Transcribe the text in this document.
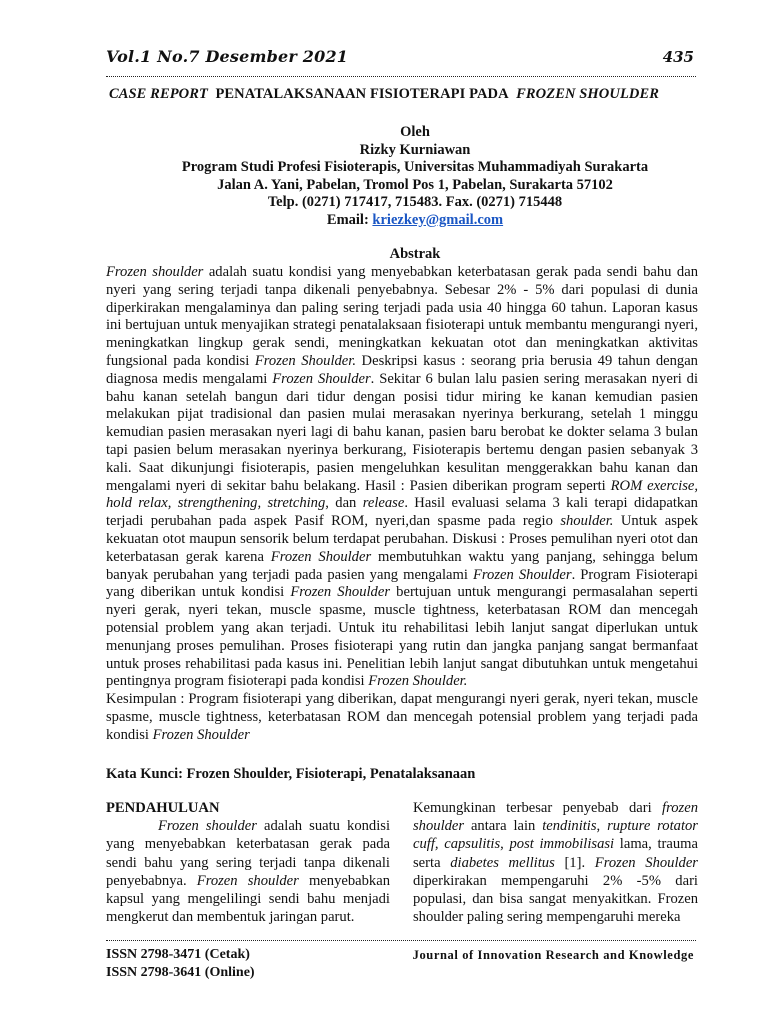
Vol.1 No.7 Desember 2021	435
CASE REPORT PENATALAKSANAAN FISIOTERAPI PADA FROZEN SHOULDER
Oleh
Rizky Kurniawan
Program Studi Profesi Fisioterapis, Universitas Muhammadiyah Surakarta
Jalan A. Yani, Pabelan, Tromol Pos 1, Pabelan, Surakarta 57102
Telp. (0271) 717417, 715483. Fax. (0271) 715448
Email: kriezkey@gmail.com
Abstrak

Frozen shoulder adalah suatu kondisi yang menyebabkan keterbatasan gerak pada sendi bahu dan nyeri yang sering terjadi tanpa dikenali penyebabnya. Sebesar 2% - 5% dari populasi di dunia diperkirakan mengalaminya dan paling sering terjadi pada usia 40 hingga 60 tahun. Laporan kasus ini bertujuan untuk menyajikan strategi penatalaksaan fisioterapi untuk membantu mengurangi nyeri, meningkatkan lingkup gerak sendi, meningkatkan kekuatan otot dan meningkatkan aktivitas fungsional pada kondisi Frozen Shoulder. Deskripsi kasus : seorang pria berusia 49 tahun dengan diagnosa medis mengalami Frozen Shoulder. Sekitar 6 bulan lalu pasien sering merasakan nyeri di bahu kanan setelah bangun dari tidur dengan posisi tidur miring ke kanan kemudian pasien melakukan pijat tradisional dan pasien mulai merasakan nyerinya berkurang, setelah 1 minggu kemudian pasien merasakan nyeri lagi di bahu kanan, pasien baru berobat ke dokter selama 3 bulan tapi pasien belum merasakan nyerinya berkurang, Fisioterapis bertemu dengan pasien sebanyak 3 kali. Saat dikunjungi fisioterapis, pasien mengeluhkan kesulitan menggerakkan bahu kanan dan mengalami nyeri di sekitar bahu belakang. Hasil : Pasien diberikan program seperti ROM exercise, hold relax, strengthening, stretching, dan release. Hasil evaluasi selama 3 kali terapi didapatkan terjadi perubahan pada aspek Pasif ROM, nyeri,dan spasme pada regio shoulder. Untuk aspek kekuatan otot maupun sensorik belum terdapat perubahan. Diskusi : Proses pemulihan nyeri otot dan keterbatasan gerak karena Frozen Shoulder membutuhkan waktu yang panjang, sehingga belum banyak perubahan yang terjadi pada pasien yang mengalami Frozen Shoulder. Program Fisioterapi yang diberikan untuk kondisi Frozen Shoulder bertujuan untuk mengurangi permasalahan seperti nyeri gerak, nyeri tekan, muscle spasme, muscle tightness, keterbatasan ROM dan mencegah potensial problem yang akan terjadi. Untuk itu rehabilitasi lebih lanjut sangat diperlukan untuk menunjang proses pemulihan. Proses fisioterapi yang rutin dan jangka panjang sangat bermanfaat untuk proses rehabilitasi pada kasus ini. Penelitian lebih lanjut sangat dibutuhkan untuk mengetahui pentingnya program fisioterapi pada kondisi Frozen Shoulder.

Kesimpulan : Program fisioterapi yang diberikan, dapat mengurangi nyeri gerak, nyeri tekan, muscle spasme, muscle tightness, keterbatasan ROM dan mencegah potensial problem yang terjadi pada kondisi Frozen Shoulder

Kata Kunci: Frozen Shoulder, Fisioterapi, Penatalaksanaan

PENDAHULUAN

Frozen shoulder adalah suatu kondisi yang menyebabkan keterbatasan gerak pada sendi bahu yang sering terjadi tanpa dikenali penyebabnya. Frozen shoulder menyebabkan kapsul yang mengelilingi sendi bahu menjadi mengkerut dan membentuk jaringan parut.

Kemungkinan terbesar penyebab dari frozen shoulder antara lain tendinitis, rupture rotator cuff, capsulitis, post immobilisasi lama, trauma serta diabetes mellitus [1]. Frozen Shoulder diperkirakan mempengaruhi 2% -5% dari populasi, dan bisa sangat menyakitkan. Frozen shoulder paling sering mempengaruhi mereka

ISSN 2798-3471 (Cetak)
ISSN 2798-3641 (Online)
Journal of Innovation Research and Knowledge
